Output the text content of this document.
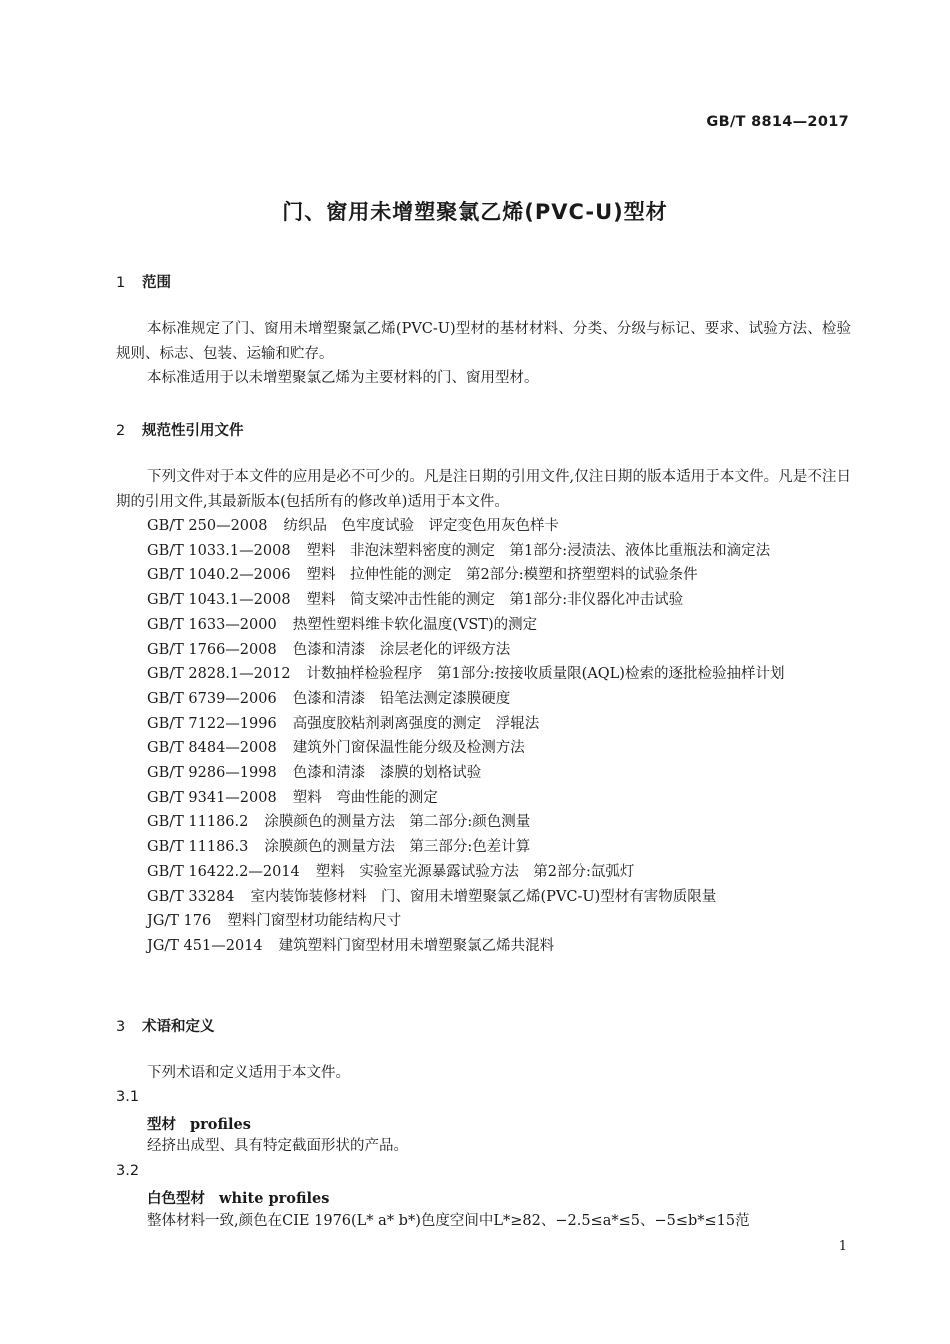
GB/T 8814—2017
门、窗用未增塑聚氯乙烯(PVC-U)型材
1 范围
本标准规定了门、窗用未增塑聚氯乙烯(PVC-U)型材的基材材料、分类、分级与标记、要求、试验方法、检验规则、标志、包装、运输和贮存。
本标准适用于以未增塑聚氯乙烯为主要材料的门、窗用型材。
2 规范性引用文件
下列文件对于本文件的应用是必不可少的。凡是注日期的引用文件,仅注日期的版本适用于本文件。凡是不注日期的引用文件,其最新版本(包括所有的修改单)适用于本文件。
GB/T 250—2008 纺织品　色牢度试验　评定变色用灰色样卡
GB/T 1033.1—2008 塑料　非泡沫塑料密度的测定　第1部分:浸渍法、液体比重瓶法和滴定法
GB/T 1040.2—2006 塑料　拉伸性能的测定　第2部分:模塑和挤塑塑料的试验条件
GB/T 1043.1—2008 塑料　简支梁冲击性能的测定　第1部分:非仪器化冲击试验
GB/T 1633—2000 热塑性塑料维卡软化温度(VST)的测定
GB/T 1766—2008 色漆和清漆　涂层老化的评级方法
GB/T 2828.1—2012 计数抽样检验程序　第1部分:按接收质量限(AQL)检索的逐批检验抽样计划
GB/T 6739—2006 色漆和清漆　铅笔法测定漆膜硬度
GB/T 7122—1996 高强度胶粘剂剥离强度的测定　浮辊法
GB/T 8484—2008 建筑外门窗保温性能分级及检测方法
GB/T 9286—1998 色漆和清漆　漆膜的划格试验
GB/T 9341—2008 塑料　弯曲性能的测定
GB/T 11186.2 涂膜颜色的测量方法　第二部分:颜色测量
GB/T 11186.3 涂膜颜色的测量方法　第三部分:色差计算
GB/T 16422.2—2014 塑料　实验室光源暴露试验方法　第2部分:氙弧灯
GB/T 33284 室内装饰装修材料　门、窗用未增塑聚氯乙烯(PVC-U)型材有害物质限量
JG/T 176 塑料门窗型材功能结构尺寸
JG/T 451—2014 建筑塑料门窗型材用未增塑聚氯乙烯共混料
3 术语和定义
下列术语和定义适用于本文件。
3.1
型材 profiles
经挤出成型、具有特定截面形状的产品。
3.2
白色型材 white profiles
整体材料一致,颜色在CIE 1976(L* a* b*)色度空间中L*≥82、−2.5≤a*≤5、−5≤b*≤15范
1
